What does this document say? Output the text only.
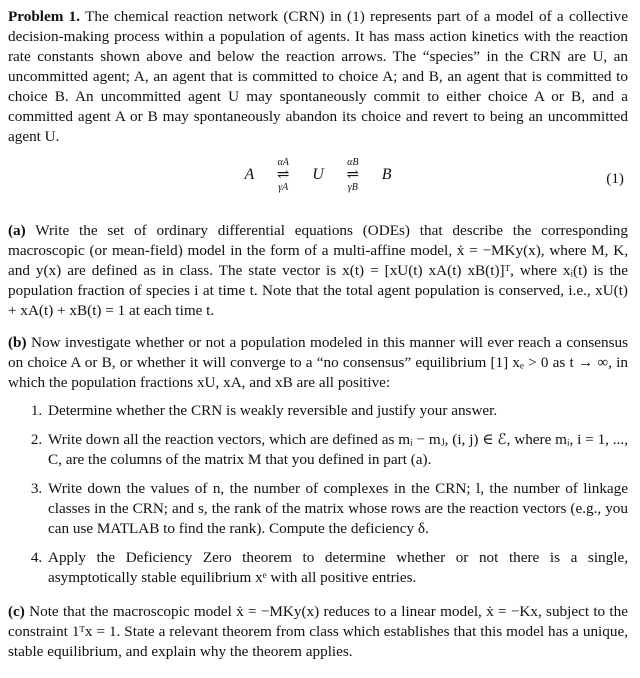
Problem 1. The chemical reaction network (CRN) in (1) represents part of a model of a collective decision-making process within a population of agents. It has mass action kinetics with the reaction rate constants shown above and below the reaction arrows. The “species” in the CRN are U, an uncommitted agent; A, an agent that is committed to choice A; and B, an agent that is committed to choice B. An uncommitted agent U may spontaneously commit to either choice A or B, and a committed agent A or B may spontaneously abandon its choice and revert to being an uncommitted agent U.

A αA
⇌
γA U αB
⇌
γB B	(1)

(a) Write the set of ordinary differential equations (ODEs) that describe the corresponding macroscopic (or mean-field) model in the form of a multi-affine model, ẋ = −MKy(x), where M, K, and y(x) are defined as in class. The state vector is x(t) = [xU(t) xA(t) xB(t)]ᵀ, where xᵢ(t) is the population fraction of species i at time t. Note that the total agent population is conserved, i.e., xU(t) + xA(t) + xB(t) = 1 at each time t.

(b) Now investigate whether or not a population modeled in this manner will ever reach a consensus on choice A or B, or whether it will converge to a “no consensus” equilibrium [1] xₑ > 0 as t → ∞, in which the population fractions xU, xA, and xB are all positive:

1. Determine whether the CRN is weakly reversible and justify your answer.
2. Write down all the reaction vectors, which are defined as mᵢ − mⱼ, (i, j) ∈ ℰ, where mᵢ, i = 1, ..., C, are the columns of the matrix M that you defined in part (a).
3. Write down the values of n, the number of complexes in the CRN; l, the number of linkage classes in the CRN; and s, the rank of the matrix whose rows are the reaction vectors (e.g., you can use MATLAB to find the rank). Compute the deficiency δ.
4. Apply the Deficiency Zero theorem to determine whether or not there is a single, asymptotically stable equilibrium xᵉ with all positive entries.

(c) Note that the macroscopic model ẋ = −MKy(x) reduces to a linear model, ẋ = −Kx, subject to the constraint 1ᵀx = 1. State a relevant theorem from class which establishes that this model has a unique, stable equilibrium, and explain why the theorem applies.
